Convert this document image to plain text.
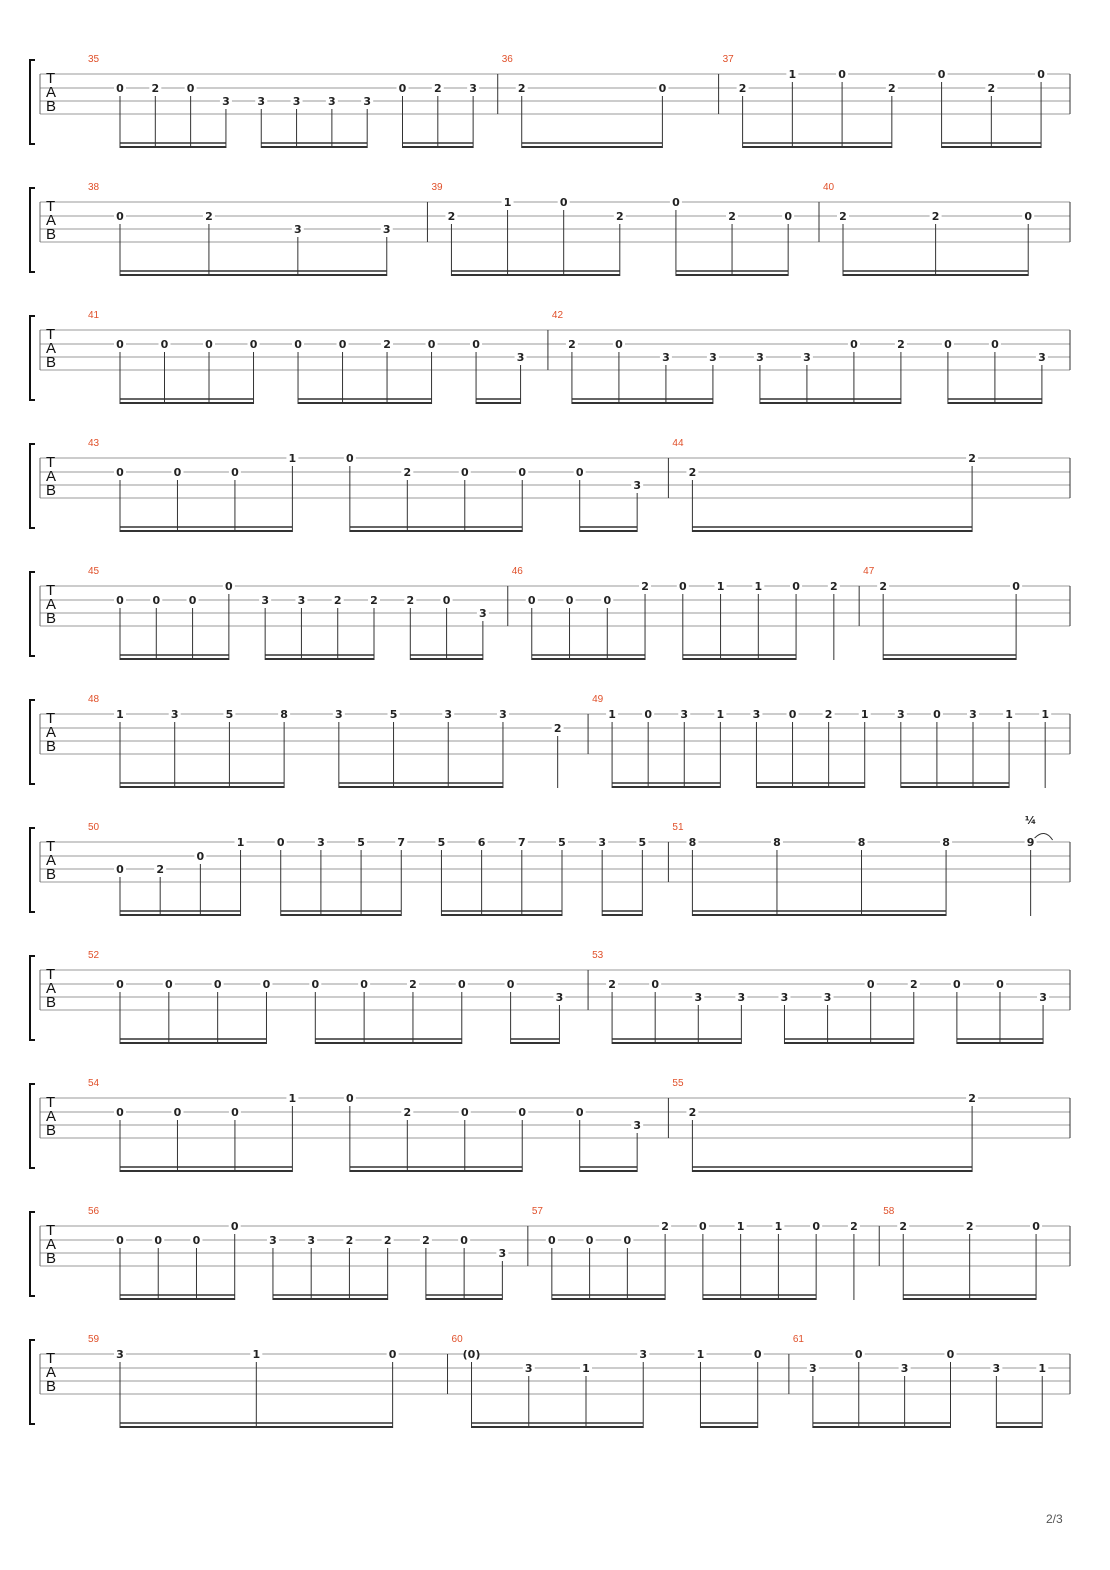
T
A
B
35
0	2	0
3	3	3	3	3
0	2	3
36
2	0
37
2
1	0
2
0
2
0
T
A
B
38
0	2
3	3
39
2
1	0
2
0
2	0
40
2	2	0
T
A
B
41
0	0	0	0	0	0	2	0	0
3
42
2	0
3	3	3	3
0	2	0	0
3
T
A
B
43
0	0	0
1	0
2	0	0	0
3
44
2
2
T
A
B
45
0	0	0
0
3	3	2	2	2	0
3
46
0	0	0
2	0	1	1	0	2
47
2	0
T
A
B
48
1	3	5	8	3	5	3	3
2
49
1	0	3	1	3	0	2	1	3	0	3	1	1
T
A
B
50
0	2
0
1	0	3	5	7	5	6	7	5	3	5
51
8	8	8	8	9
¼
T
A
B
52
0	0	0	0	0	0	2	0	0
3
53
2	0
3	3	3	3
0	2	0	0
3
T
A
B
54
0	0	0
1	0
2	0	0	0
3
55
2
2
T
A
B
56
0	0	0
0
3	3	2	2	2	0
3
57
0	0	0
2	0	1	1	0	2
58
2	2	0
T
A
B
59
3	1	0
60
(0)
3	1
3	1	0
61
3
0
3
0
3	1
2/3
